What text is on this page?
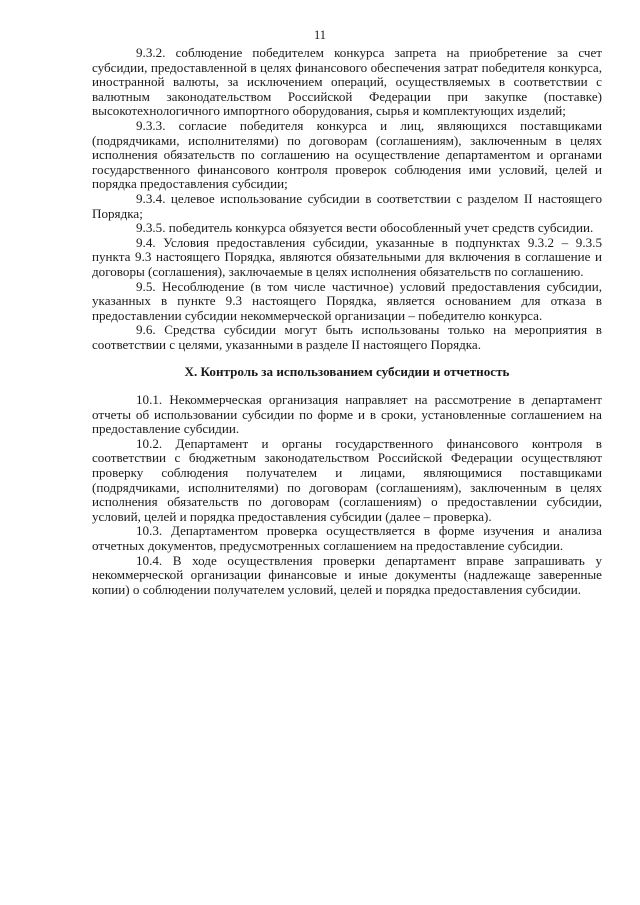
11

9.3.2. соблюдение победителем конкурса запрета на приобретение за счет субсидии, предоставленной в целях финансового обеспечения затрат победителя конкурса, иностранной валюты, за исключением операций, осуществляемых в соответствии с валютным законодательством Российской Федерации при закупке (поставке) высокотехнологичного импортного оборудования, сырья и комплектующих изделий;

9.3.3. согласие победителя конкурса и лиц, являющихся поставщиками (подрядчиками, исполнителями) по договорам (соглашениям), заключенным в целях исполнения обязательств по соглашению на осуществление департаментом и органами государственного финансового контроля проверок соблюдения ими условий, целей и порядка предоставления субсидии;

9.3.4. целевое использование субсидии в соответствии с разделом II настоящего Порядка;

9.3.5. победитель конкурса обязуется вести обособленный учет средств субсидии.

9.4. Условия предоставления субсидии, указанные в подпунктах 9.3.2 – 9.3.5 пункта 9.3 настоящего Порядка, являются обязательными для включения в соглашение и договоры (соглашения), заключаемые в целях исполнения обязательств по соглашению.

9.5. Несоблюдение (в том числе частичное) условий предоставления субсидии, указанных в пункте 9.3 настоящего Порядка, является основанием для отказа в предоставлении субсидии некоммерческой организации – победителю конкурса.

9.6. Средства субсидии могут быть использованы только на мероприятия в соответствии с целями, указанными в разделе II настоящего Порядка.

X. Контроль за использованием субсидии и отчетность

10.1. Некоммерческая организация направляет на рассмотрение в департамент отчеты об использовании субсидии по форме и в сроки, установленные соглашением на предоставление субсидии.

10.2. Департамент и органы государственного финансового контроля в соответствии с бюджетным законодательством Российской Федерации осуществляют проверку соблюдения получателем и лицами, являющимися поставщиками (подрядчиками, исполнителями) по договорам (соглашениям), заключенным в целях исполнения обязательств по договорам (соглашениям) о предоставлении субсидии, условий, целей и порядка предоставления субсидии (далее – проверка).

10.3. Департаментом проверка осуществляется в форме изучения и анализа отчетных документов, предусмотренных соглашением на предоставление субсидии.

10.4. В ходе осуществления проверки департамент вправе запрашивать у некоммерческой организации финансовые и иные документы (надлежаще заверенные копии) о соблюдении получателем условий, целей и порядка предоставления субсидии.
